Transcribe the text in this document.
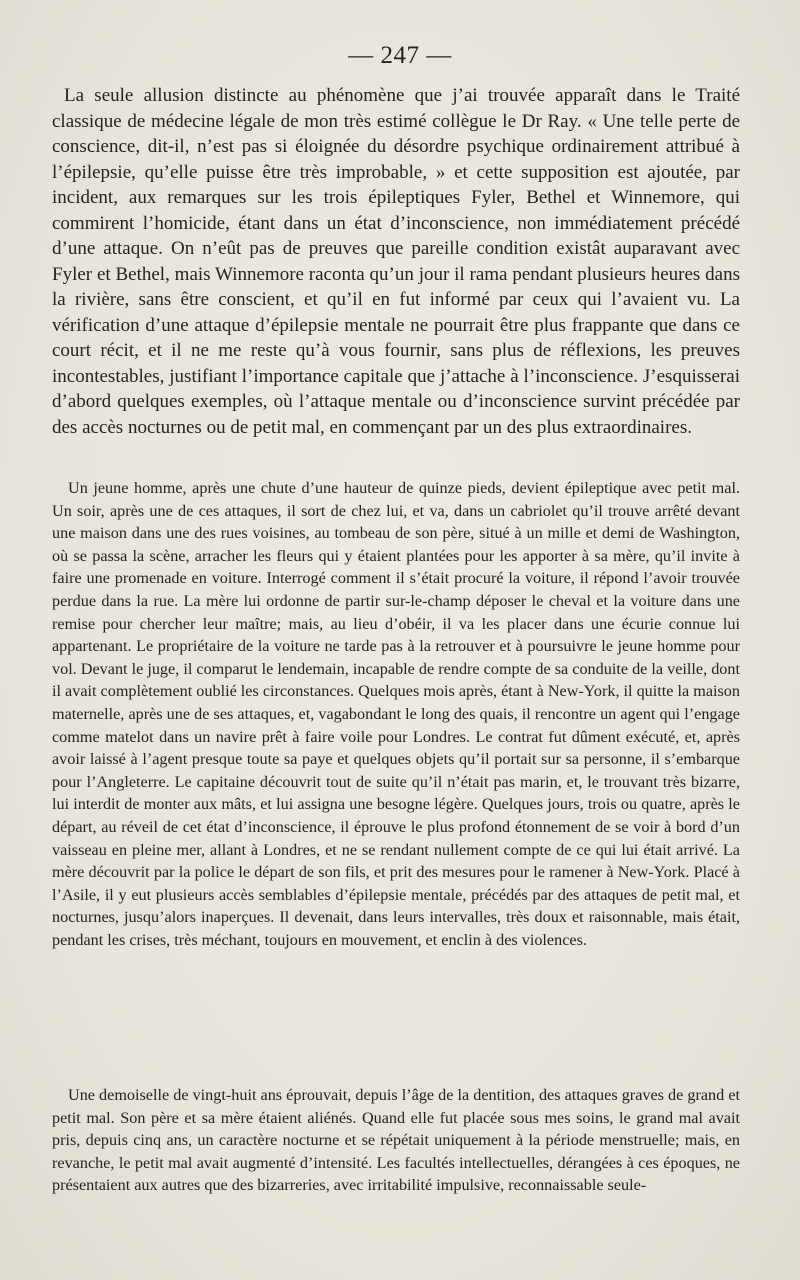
— 247 —

La seule allusion distincte au phénomène que j’ai trouvée apparaît dans le Traité classique de médecine légale de mon très estimé collègue le Dr Ray. « Une telle perte de conscience, dit-il, n’est pas si éloignée du désordre psychique ordinairement attribué à l’épilepsie, qu’elle puisse être très improbable, » et cette supposition est ajoutée, par incident, aux remarques sur les trois épileptiques Fyler, Bethel et Winnemore, qui commirent l’homicide, étant dans un état d’inconscience, non immédiatement précédé d’une attaque. On n’eût pas de preuves que pareille condition existât auparavant avec Fyler et Bethel, mais Winnemore raconta qu’un jour il rama pendant plusieurs heures dans la rivière, sans être conscient, et qu’il en fut informé par ceux qui l’avaient vu. La vérification d’une attaque d’épilepsie mentale ne pourrait être plus frappante que dans ce court récit, et il ne me reste qu’à vous fournir, sans plus de réflexions, les preuves incontestables, justifiant l’importance capitale que j’attache à l’inconscience. J’esquisserai d’abord quelques exemples, où l’attaque mentale ou d’inconscience survint précédée par des accès nocturnes ou de petit mal, en commençant par un des plus extraordinaires.

Un jeune homme, après une chute d’une hauteur de quinze pieds, devient épileptique avec petit mal. Un soir, après une de ces attaques, il sort de chez lui, et va, dans un cabriolet qu’il trouve arrêté devant une maison dans une des rues voisines, au tombeau de son père, situé à un mille et demi de Washington, où se passa la scène, arracher les fleurs qui y étaient plantées pour les apporter à sa mère, qu’il invite à faire une promenade en voiture. Interrogé comment il s’était procuré la voiture, il répond l’avoir trouvée perdue dans la rue. La mère lui ordonne de partir sur-le-champ déposer le cheval et la voiture dans une remise pour chercher leur maître; mais, au lieu d’obéir, il va les placer dans une écurie connue lui appartenant. Le propriétaire de la voiture ne tarde pas à la retrouver et à poursuivre le jeune homme pour vol. Devant le juge, il comparut le lendemain, incapable de rendre compte de sa conduite de la veille, dont il avait complètement oublié les circonstances. Quelques mois après, étant à New-York, il quitte la maison maternelle, après une de ses attaques, et, vagabondant le long des quais, il rencontre un agent qui l’engage comme matelot dans un navire prêt à faire voile pour Londres. Le contrat fut dûment exécuté, et, après avoir laissé à l’agent presque toute sa paye et quelques objets qu’il portait sur sa personne, il s’embarque pour l’Angleterre. Le capitaine découvrit tout de suite qu’il n’était pas marin, et, le trouvant très bizarre, lui interdit de monter aux mâts, et lui assigna une besogne légère. Quelques jours, trois ou quatre, après le départ, au réveil de cet état d’inconscience, il éprouve le plus profond étonnement de se voir à bord d’un vaisseau en pleine mer, allant à Londres, et ne se rendant nullement compte de ce qui lui était arrivé. La mère découvrit par la police le départ de son fils, et prit des mesures pour le ramener à New-York. Placé à l’Asile, il y eut plusieurs accès semblables d’épilepsie mentale, précédés par des attaques de petit mal, et nocturnes, jusqu’alors inaperçues. Il devenait, dans leurs intervalles, très doux et raisonnable, mais était, pendant les crises, très méchant, toujours en mouvement, et enclin à des violences.

Une demoiselle de vingt-huit ans éprouvait, depuis l’âge de la dentition, des attaques graves de grand et petit mal. Son père et sa mère étaient aliénés. Quand elle fut placée sous mes soins, le grand mal avait pris, depuis cinq ans, un caractère nocturne et se répétait uniquement à la période menstruelle; mais, en revanche, le petit mal avait augmenté d’intensité. Les facultés intellectuelles, dérangées à ces époques, ne présentaient aux autres que des bizarreries, avec irritabilité impulsive, reconnaissable seule-
